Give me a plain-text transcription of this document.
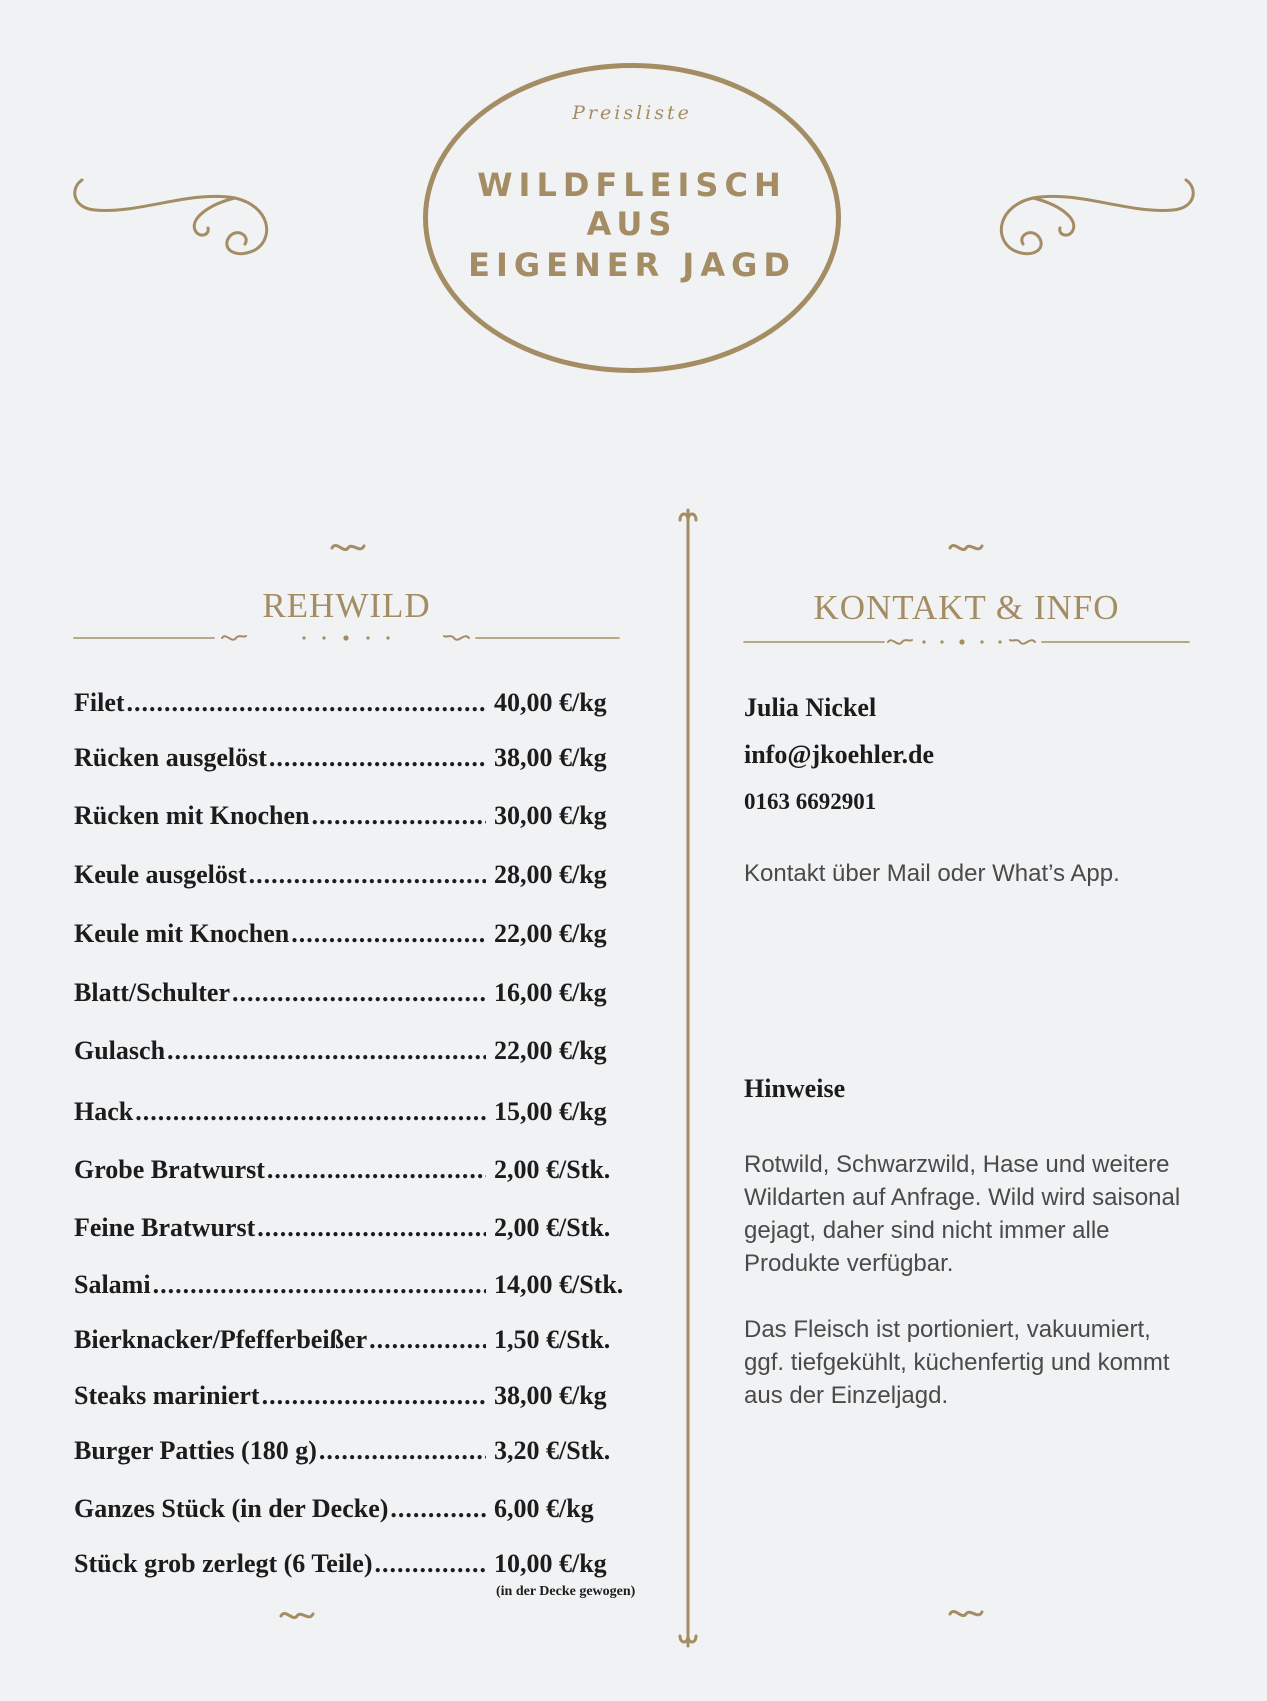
Preisliste
WILDFLEISCH
AUS
EIGENER JAGD
REHWILD
Filet .....	40,00 €/kg
Rücken ausgelöst .....	38,00 €/kg
Rücken mit Knochen .....	30,00 €/kg
Keule ausgelöst .....	28,00 €/kg
Keule mit Knochen .....	22,00 €/kg
Blatt/Schulter .....	16,00 €/kg
Gulasch .....	22,00 €/kg
Hack .....	15,00 €/kg
Grobe Bratwurst .....	2,00 €/Stk.
Feine Bratwurst .....	2,00 €/Stk.
Salami .....	14,00 €/Stk.
Bierknacker/Pfefferbeißer .....	1,50 €/Stk.
Steaks mariniert .....	38,00 €/kg
Burger Patties (180 g) .....	3,20 €/Stk.
Ganzes Stück (in der Decke) .....	6,00 €/kg
Stück grob zerlegt (6 Teile) .....	10,00 €/kg
(in der Decke gewogen)
KONTAKT & INFO
Julia Nickel
info@jkoehler.de
0163 6692901
Kontakt über Mail oder What’s App.
Hinweise
Rotwild, Schwarzwild, Hase und weitere Wildarten auf Anfrage. Wild wird saisonal gejagt, daher sind nicht immer alle Produkte verfügbar.
Das Fleisch ist portioniert, vakuumiert, ggf. tiefgekühlt, küchenfertig und kommt aus der Einzeljagd.
